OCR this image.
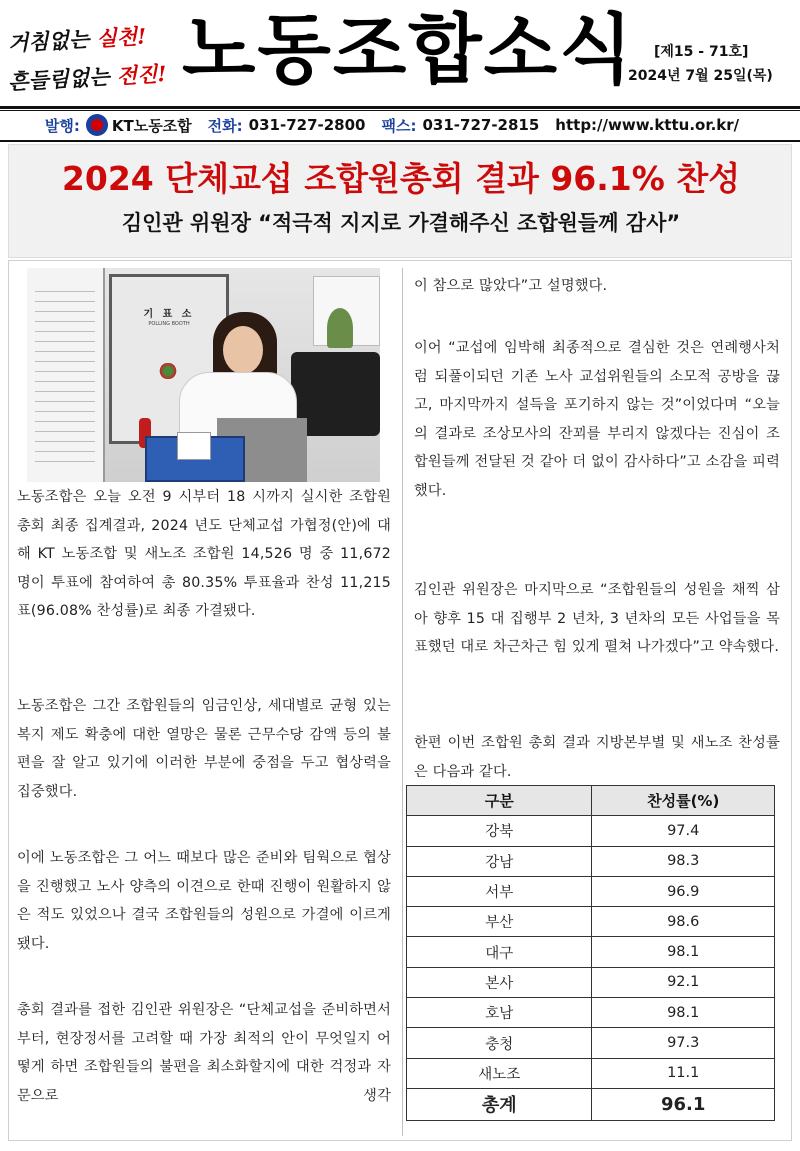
거침없는 실천!
흔들림없는 전진! 노동조합소식	[제15 - 71호]
2024년 7월 25일(목)
발행: KT노동조합 전화: 031-727-2800 팩스: 031-727-2815 http://www.kttu.or.kr/
2024 단체교섭 조합원총회 결과 96.1% 찬성
김인관 위원장 “적극적 지지로 가결해주신 조합원들께 감사”
기 표 소
POLLING BOOTH

노동조합은 오늘 오전 9 시부터 18 시까지 실시한 조합원 총회 최종 집계결과, 2024 년도 단체교섭 가협정(안)에 대해 KT 노동조합 및 새노조 조합원 14,526 명 중 11,672 명이 투표에 참여하여 총 80.35% 투표율과 찬성 11,215 표(96.08% 찬성률)로 최종 가결됐다.

노동조합은 그간 조합원들의 임금인상, 세대별로 균형 있는 복지 제도 확충에 대한 열망은 물론 근무수당 감액 등의 불편을 잘 알고 있기에 이러한 부분에 중점을 두고 협상력을 집중했다.

이에 노동조합은 그 어느 때보다 많은 준비와 팀웍으로 협상을 진행했고 노사 양측의 이견으로 한때 진행이 원활하지 않은 적도 있었으나 결국 조합원들의 성원으로 가결에 이르게 됐다.

총회 결과를 접한 김인관 위원장은 “단체교섭을 준비하면서부터, 현장정서를 고려할 때 가장 최적의 안이 무엇일지 어떻게 하면 조합원들의 불편을 최소화할지에 대한 걱정과 자문으로 생각

이 참으로 많았다”고 설명했다.

이어 “교섭에 임박해 최종적으로 결심한 것은 연례행사처럼 되풀이되던 기존 노사 교섭위원들의 소모적 공방을 끊고, 마지막까지 설득을 포기하지 않는 것”이었다며 “오늘의 결과로 조상모사의 잔꾀를 부리지 않겠다는 진심이 조합원들께 전달된 것 같아 더 없이 감사하다”고 소감을 피력했다.

김인관 위원장은 마지막으로 “조합원들의 성원을 채찍 삼아 향후 15 대 집행부 2 년차, 3 년차의 모든 사업들을 목표했던 대로 차근차근 힘 있게 펼쳐 나가겠다”고 약속했다.

한편 이번 조합원 총회 결과 지방본부별 및 새노조 찬성률은 다음과 같다.

구분	찬성률(%)
강북	97.4
강남	98.3
서부	96.9
부산	98.6
대구	98.1
본사	92.1
호남	98.1
충청	97.3
새노조	11.1
총계	96.1
